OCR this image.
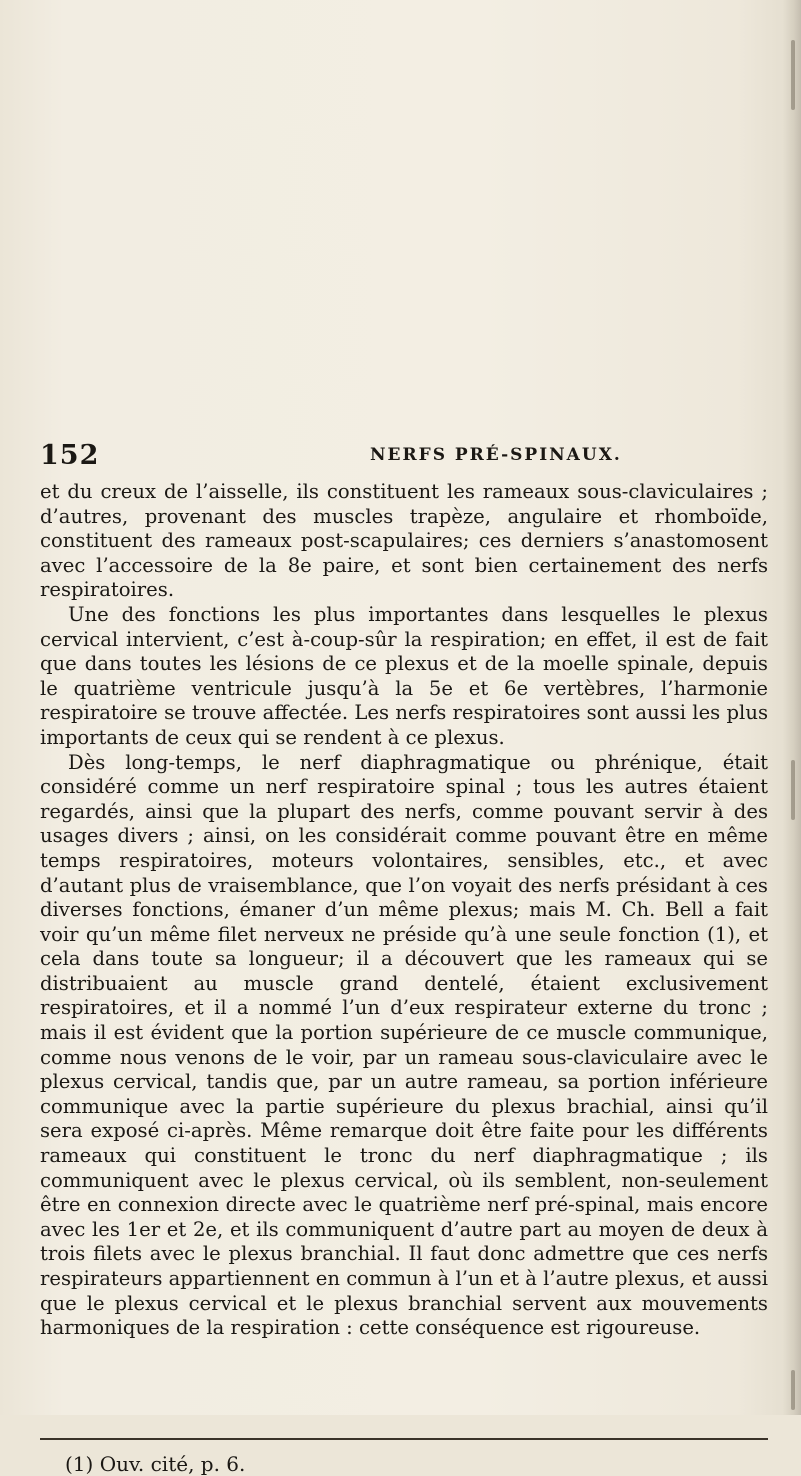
152	NERFS PRÉ-SPINAUX.

et du creux de l’aisselle, ils constituent les rameaux sous-claviculaires ; d’autres, provenant des muscles trapèze, angulaire et rhomboïde, constituent des rameaux post-scapulaires; ces derniers s’anastomosent avec l’accessoire de la 8e paire, et sont bien certainement des nerfs respiratoires.

Une des fonctions les plus importantes dans lesquelles le plexus cervical intervient, c’est à-coup-sûr la respiration; en effet, il est de fait que dans toutes les lésions de ce plexus et de la moelle spinale, depuis le quatrième ventricule jusqu’à la 5e et 6e vertèbres, l’harmonie respiratoire se trouve affectée. Les nerfs respiratoires sont aussi les plus importants de ceux qui se rendent à ce plexus.

Dès long-temps, le nerf diaphragmatique ou phrénique, était considéré comme un nerf respiratoire spinal ; tous les autres étaient regardés, ainsi que la plupart des nerfs, comme pouvant servir à des usages divers ; ainsi, on les considérait comme pouvant être en même temps respiratoires, moteurs volontaires, sensibles, etc., et avec d’autant plus de vraisemblance, que l’on voyait des nerfs présidant à ces diverses fonctions, émaner d’un même plexus; mais M. Ch. Bell a fait voir qu’un même filet nerveux ne préside qu’à une seule fonction (1), et cela dans toute sa longueur; il a découvert que les rameaux qui se distribuaient au muscle grand dentelé, étaient exclusivement respiratoires, et il a nommé l’un d’eux respirateur externe du tronc ; mais il est évident que la portion supérieure de ce muscle communique, comme nous venons de le voir, par un rameau sous-claviculaire avec le plexus cervical, tandis que, par un autre rameau, sa portion inférieure communique avec la partie supérieure du plexus brachial, ainsi qu’il sera exposé ci-après. Même remarque doit être faite pour les différents rameaux qui constituent le tronc du nerf diaphragmatique ; ils communiquent avec le plexus cervical, où ils semblent, non-seulement être en connexion directe avec le quatrième nerf pré-spinal, mais encore avec les 1er et 2e, et ils communiquent d’autre part au moyen de deux à trois filets avec le plexus branchial. Il faut donc admettre que ces nerfs respirateurs appartiennent en commun à l’un et à l’autre plexus, et aussi que le plexus cervical et le plexus branchial servent aux mouvements harmoniques de la respiration : cette conséquence est rigoureuse.

(1) Ouv. cité, p. 6.
